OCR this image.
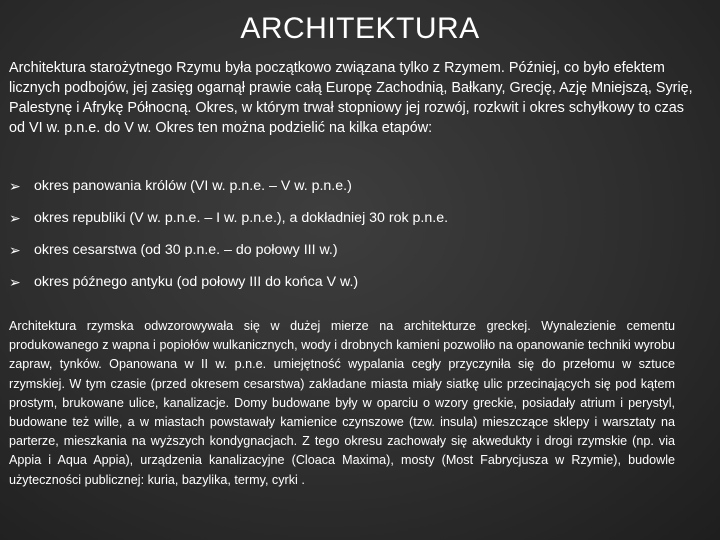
ARCHITEKTURA

Architektura starożytnego Rzymu była początkowo związana tylko z Rzymem. Później, co było efektem licznych podbojów, jej zasięg ogarnął prawie całą Europę Zachodnią, Bałkany, Grecję, Azję Mniejszą, Syrię, Palestynę i Afrykę Północną. Okres, w którym trwał stopniowy jej rozwój, rozkwit i okres schyłkowy to czas od VI w. p.n.e. do V w. Okres ten można podzielić na kilka etapów:

➢ okres panowania królów (VI w. p.n.e. – V w. p.n.e.)
➢ okres republiki (V w. p.n.e. – I w. p.n.e.), a dokładniej 30 rok p.n.e.
➢ okres cesarstwa (od 30 p.n.e. – do połowy III w.)
➢ okres późnego antyku (od połowy III do końca V w.)

Architektura rzymska odwzorowywała się w dużej mierze na architekturze greckej. Wynalezienie cementu produkowanego z wapna i popiołów wulkanicznych, wody i drobnych kamieni pozwoliło na opanowanie techniki wyrobu zapraw, tynków. Opanowana w II w. p.n.e. umiejętność wypalania cegły przyczyniła się do przełomu w sztuce rzymskiej. W tym czasie (przed okresem cesarstwa) zakładane miasta miały siatkę ulic przecinających się pod kątem prostym, brukowane ulice, kanalizacje. Domy budowane były w oparciu o wzory greckie, posiadały atrium i perystyl, budowane też wille, a w miastach powstawały kamienice czynszowe (tzw. insula) mieszczące sklepy i warsztaty na parterze, mieszkania na wyższych kondygnacjach. Z tego okresu zachowały się akwedukty i drogi rzymskie (np. via Appia i Aqua Appia), urządzenia kanalizacyjne (Cloaca Maxima), mosty (Most Fabrycjusza w Rzymie), budowle użyteczności publicznej: kuria, bazylika, termy, cyrki .
